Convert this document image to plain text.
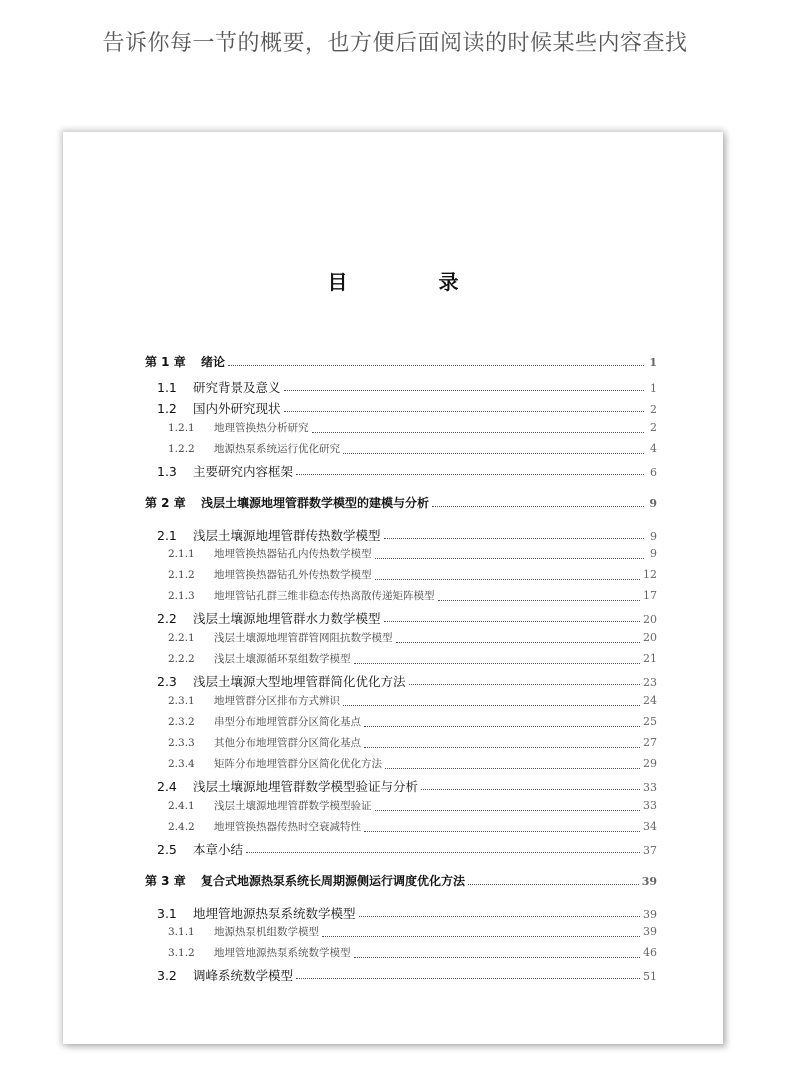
告诉你每一节的概要，也方便后面阅读的时候某些内容查找
目 录
第 1 章	绪论	1
1.1	研究背景及意义	1
1.2	国内外研究现状	2
1.2.1	地理管换热分析研究	2
1.2.2	地源热泵系统运行优化研究	4
1.3	主要研究内容框架	6
第 2 章	浅层土壤源地埋管群数学模型的建模与分析	9
2.1	浅层土壤源地埋管群传热数学模型	9
2.1.1	地埋管换热器钻孔内传热数学模型	9
2.1.2	地埋管换热器钻孔外传热数学模型	12
2.1.3	地埋管钻孔群三维非稳态传热离散传递矩阵模型	17
2.2	浅层土壤源地埋管群水力数学模型	20
2.2.1	浅层土壤源地埋管群管网阻抗数学模型	20
2.2.2	浅层土壤源循环泵组数学模型	21
2.3	浅层土壤源大型地埋管群简化优化方法	23
2.3.1	地埋管群分区排布方式辨识	24
2.3.2	串型分布地埋管群分区简化基点	25
2.3.3	其他分布地埋管群分区简化基点	27
2.3.4	矩阵分布地埋管群分区简化优化方法	29
2.4	浅层土壤源地埋管群数学模型验证与分析	33
2.4.1	浅层土壤源地埋管群数学模型验证	33
2.4.2	地埋管换热器传热时空衰减特性	34
2.5	本章小结	37
第 3 章	复合式地源热泵系统长周期源侧运行调度优化方法	39
3.1	地埋管地源热泵系统数学模型	39
3.1.1	地源热泵机组数学模型	39
3.1.2	地埋管地源热泵系统数学模型	46
3.2	调峰系统数学模型	51
